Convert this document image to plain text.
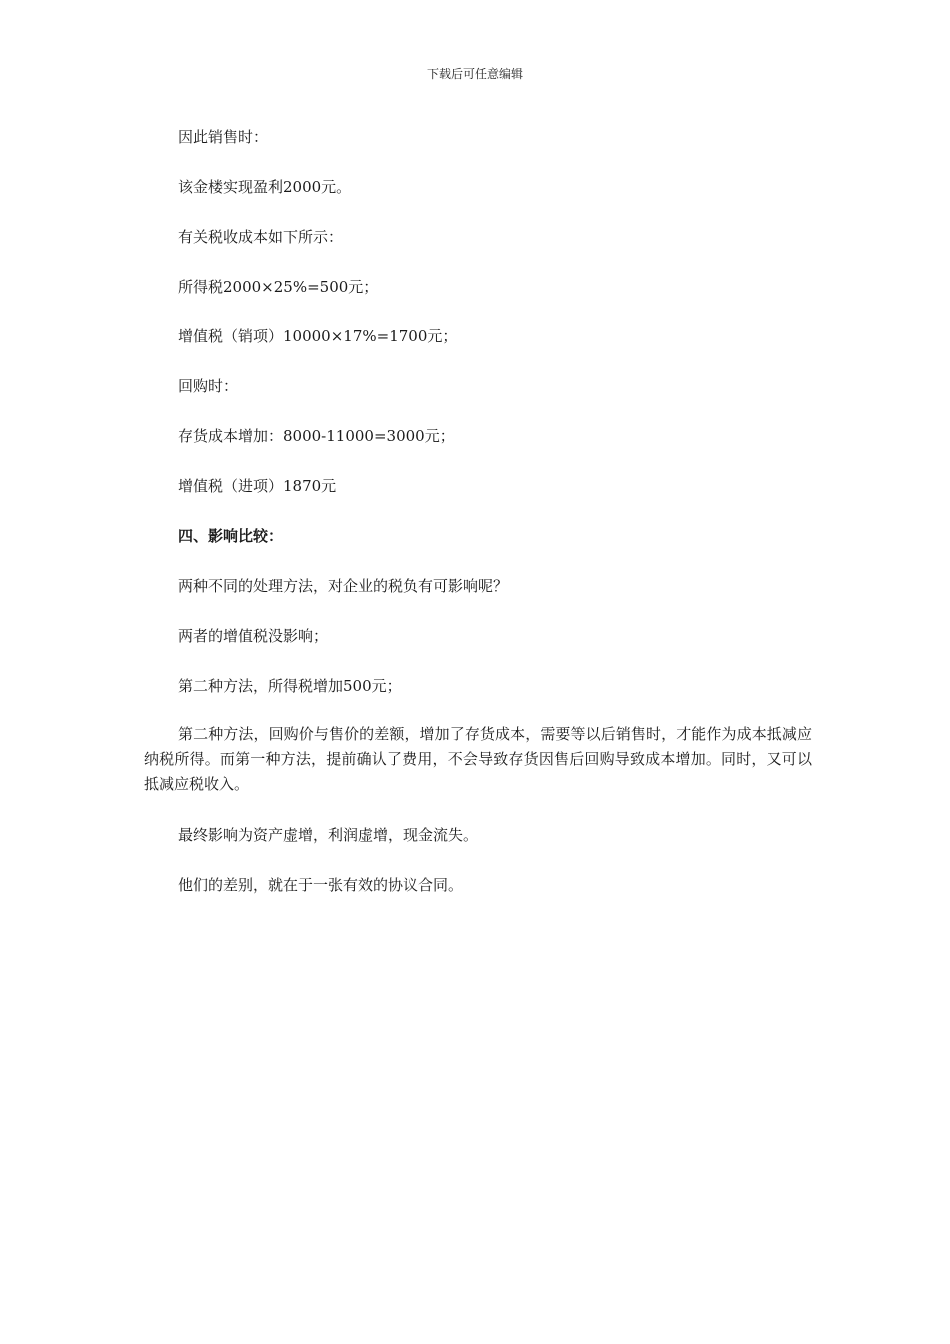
下载后可任意编辑
因此销售时：
该金楼实现盈利2000元。
有关税收成本如下所示：
所得税2000×25%=500元；
增值税（销项）10000×17%=1700元；
回购时：
存货成本增加：8000-11000=3000元；
增值税（进项）1870元
四、影响比较：
两种不同的处理方法，对企业的税负有可影响呢？
两者的增值税没影响；
第二种方法，所得税增加500元；
第二种方法，回购价与售价的差额，增加了存货成本，需要等以后销售时，才能作为成本抵减应纳税所得。而第一种方法，提前确认了费用，不会导致存货因售后回购导致成本增加。同时，又可以抵减应税收入。
最终影响为资产虚增，利润虚增，现金流失。
他们的差别，就在于一张有效的协议合同。
